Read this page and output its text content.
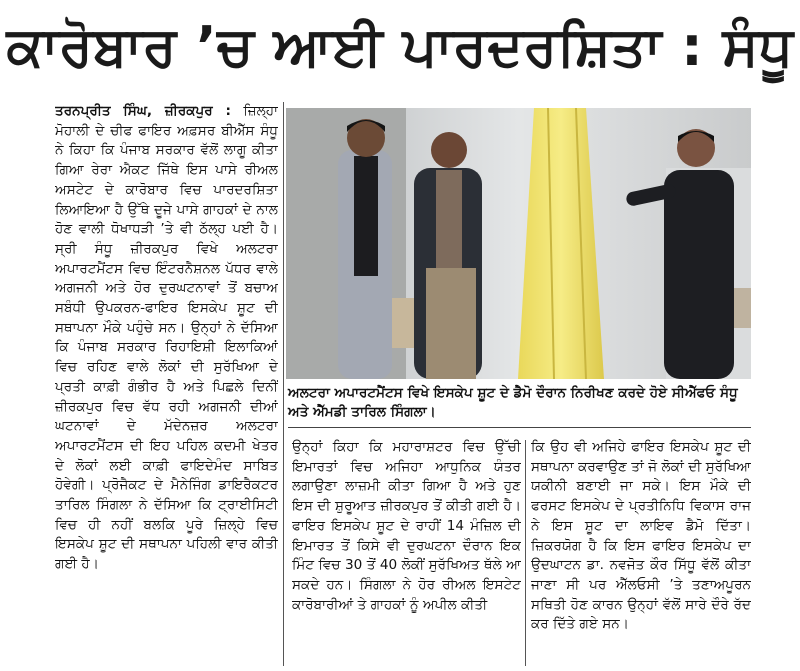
ਕਾਰੋਬਾਰ ’ਚ ਆਈ ਪਾਰਦਰਸ਼ਿਤਾ : ਸੰਧੂ
ਤਰਨਪ੍ਰੀਤ ਸਿੰਘ, ਜ਼ੀਰਕਪੁਰ : ਜ਼ਿਲ੍ਹਾ ਮੋਹਾਲੀ ਦੇ ਚੀਫ ਫਾਇਰ ਅਫ਼ਸਰ ਬੀਐੱਸ ਸੰਧੂ ਨੇ ਕਿਹਾ ਕਿ ਪੰਜਾਬ ਸਰਕਾਰ ਵੱਲੋਂ ਲਾਗੂ ਕੀਤਾ ਗਿਆ ਰੇਰਾ ਐਕਟ ਜਿੱਥੇ ਇਸ ਪਾਸੇ ਰੀਅਲ ਅਸਟੇਟ ਦੇ ਕਾਰੋਬਾਰ ਵਿਚ ਪਾਰਦਰਸ਼ਿਤਾ ਲਿਆਇਆ ਹੈ ਉੱਥੇ ਦੂਜੇ ਪਾਸੇ ਗਾਹਕਾਂ ਦੇ ਨਾਲ ਹੋਣ ਵਾਲੀ ਧੋਖਾਧੜੀ ’ਤੇ ਵੀ ਠੱਲ੍ਹ ਪਈ ਹੈ। ਸ੍ਰੀ ਸੰਧੂ ਜ਼ੀਰਕਪੁਰ ਵਿਖੇ ਅਲਟਰਾ ਅਪਾਰਟਮੈਂਟਸ ਵਿਚ ਇੰਟਰਨੈਸ਼ਨਲ ਪੱਧਰ ਵਾਲੇ ਅਗਜਨੀ ਅਤੇ ਹੋਰ ਦੁਰਘਟਨਾਵਾਂ ਤੋਂ ਬਚਾਅ ਸਬੰਧੀ ਉਪਕਰਨ-ਫਾਇਰ ਇਸਕੇਪ ਸ਼ੂਟ ਦੀ ਸਥਾਪਨਾ ਮੌਕੇ ਪਹੁੰਚੇ ਸਨ। ਉਨ੍ਹਾਂ ਨੇ ਦੱਸਿਆ ਕਿ ਪੰਜਾਬ ਸਰਕਾਰ ਰਿਹਾਇਸ਼ੀ ਇਲਾਕਿਆਂ ਵਿਚ ਰਹਿਣ ਵਾਲੇ ਲੋਕਾਂ ਦੀ ਸੁਰੱਖਿਆ ਦੇ ਪ੍ਰਤੀ ਕਾਫ਼ੀ ਗੰਭੀਰ ਹੈ ਅਤੇ ਪਿਛਲੇ ਦਿਨੀਂ ਜ਼ੀਰਕਪੁਰ ਵਿਚ ਵੱਧ ਰਹੀ ਅਗਜਨੀ ਦੀਆਂ ਘਟਨਾਵਾਂ ਦੇ ਮੱਦੇਨਜ਼ਰ ਅਲਟਰਾ ਅਪਾਰਟਮੈਂਟਸ ਦੀ ਇਹ ਪਹਿਲ ਕਦਮੀ ਖੇਤਰ ਦੇ ਲੋਕਾਂ ਲਈ ਕਾਫ਼ੀ ਫਾਇਦੇਮੰਦ ਸਾਬਿਤ ਹੋਵੇਗੀ। ਪ੍ਰੋਜੈਕਟ ਦੇ ਮੈਨੇਜਿੰਗ ਡਾਇਰੈਕਟਰ ਤਾਰਿਲ ਸਿੰਗਲਾ ਨੇ ਦੱਸਿਆ ਕਿ ਟ੍ਰਾਈਸਿਟੀ ਵਿਚ ਹੀ ਨਹੀਂ ਬਲਕਿ ਪੂਰੇ ਜ਼ਿਲ੍ਹੇ ਵਿਚ ਇਸਕੇਪ ਸ਼ੂਟ ਦੀ ਸਥਾਪਨਾ ਪਹਿਲੀ ਵਾਰ ਕੀਤੀ ਗਈ ਹੈ।
ਅਲਟਰਾ ਅਪਾਰਟਮੈਂਟਸ ਵਿਖੇ ਇਸਕੇਪ ਸ਼ੂਟ ਦੇ ਡੈਮੋ ਦੌਰਾਨ ਨਿਰੀਖਣ ਕਰਦੇ ਹੋਏ ਸੀਐੱਫਓ ਸੰਧੂ ਅਤੇ ਐੱਮਡੀ ਤਾਰਿਲ ਸਿੰਗਲਾ।
ਉਨ੍ਹਾਂ ਕਿਹਾ ਕਿ ਮਹਾਰਾਸ਼ਟਰ ਵਿਚ ਉੱਚੀ ਇਮਾਰਤਾਂ ਵਿਚ ਅਜਿਹਾ ਆਧੁਨਿਕ ਯੰਤਰ ਲਗਾਉਣਾ ਲਾਜ਼ਮੀ ਕੀਤਾ ਗਿਆ ਹੈ ਅਤੇ ਹੁਣ ਇਸ ਦੀ ਸ਼ੁਰੂਆਤ ਜ਼ੀਰਕਪੁਰ ਤੋਂ ਕੀਤੀ ਗਈ ਹੈ। ਫਾਇਰ ਇਸਕੇਪ ਸ਼ੂਟ ਦੇ ਰਾਹੀਂ 14 ਮੰਜ਼ਿਲ ਦੀ ਇਮਾਰਤ ਤੋਂ ਕਿਸੇ ਵੀ ਦੁਰਘਟਨਾ ਦੌਰਾਨ ਇਕ ਮਿੰਟ ਵਿਚ 30 ਤੋਂ 40 ਲੋਕੀਂ ਸੁਰੱਖਿਅਤ ਥੱਲੇ ਆ ਸਕਦੇ ਹਨ। ਸਿੰਗਲਾ ਨੇ ਹੋਰ ਰੀਅਲ ਇਸਟੇਟ ਕਾਰੋਬਾਰੀਆਂ ਤੇ ਗਾਹਕਾਂ ਨੂੰ ਅਪੀਲ ਕੀਤੀ
ਕਿ ਉਹ ਵੀ ਅਜਿਹੇ ਫਾਇਰ ਇਸਕੇਪ ਸ਼ੂਟ ਦੀ ਸਥਾਪਨਾ ਕਰਵਾਉਣ ਤਾਂ ਜੋ ਲੋਕਾਂ ਦੀ ਸੁਰੱਖਿਆ ਯਕੀਨੀ ਬਣਾਈ ਜਾ ਸਕੇ। ਇਸ ਮੌਕੇ ਦੀ ਫਰਸਟ ਇਸਕੇਪ ਦੇ ਪ੍ਰਤੀਨਿਧਿ ਵਿਕਾਸ ਰਾਜ ਨੇ ਇਸ ਸ਼ੂਟ ਦਾ ਲਾਇਵ ਡੈਮੋ ਦਿੱਤਾ। ਜ਼ਿਕਰਯੋਗ ਹੈ ਕਿ ਇਸ ਫਾਇਰ ਇਸਕੇਪ ਦਾ ਉਦਘਾਟਨ ਡਾ. ਨਵਜੋਤ ਕੌਰ ਸਿੱਧੂ ਵੱਲੋਂ ਕੀਤਾ ਜਾਣਾ ਸੀ ਪਰ ਐੱਲਓਸੀ ’ਤੇ ਤਣਾਅਪੂਰਨ ਸਥਿਤੀ ਹੋਣ ਕਾਰਨ ਉਨ੍ਹਾਂ ਵੱਲੋਂ ਸਾਰੇ ਦੌਰੇ ਰੱਦ ਕਰ ਦਿੱਤੇ ਗਏ ਸਨ।
